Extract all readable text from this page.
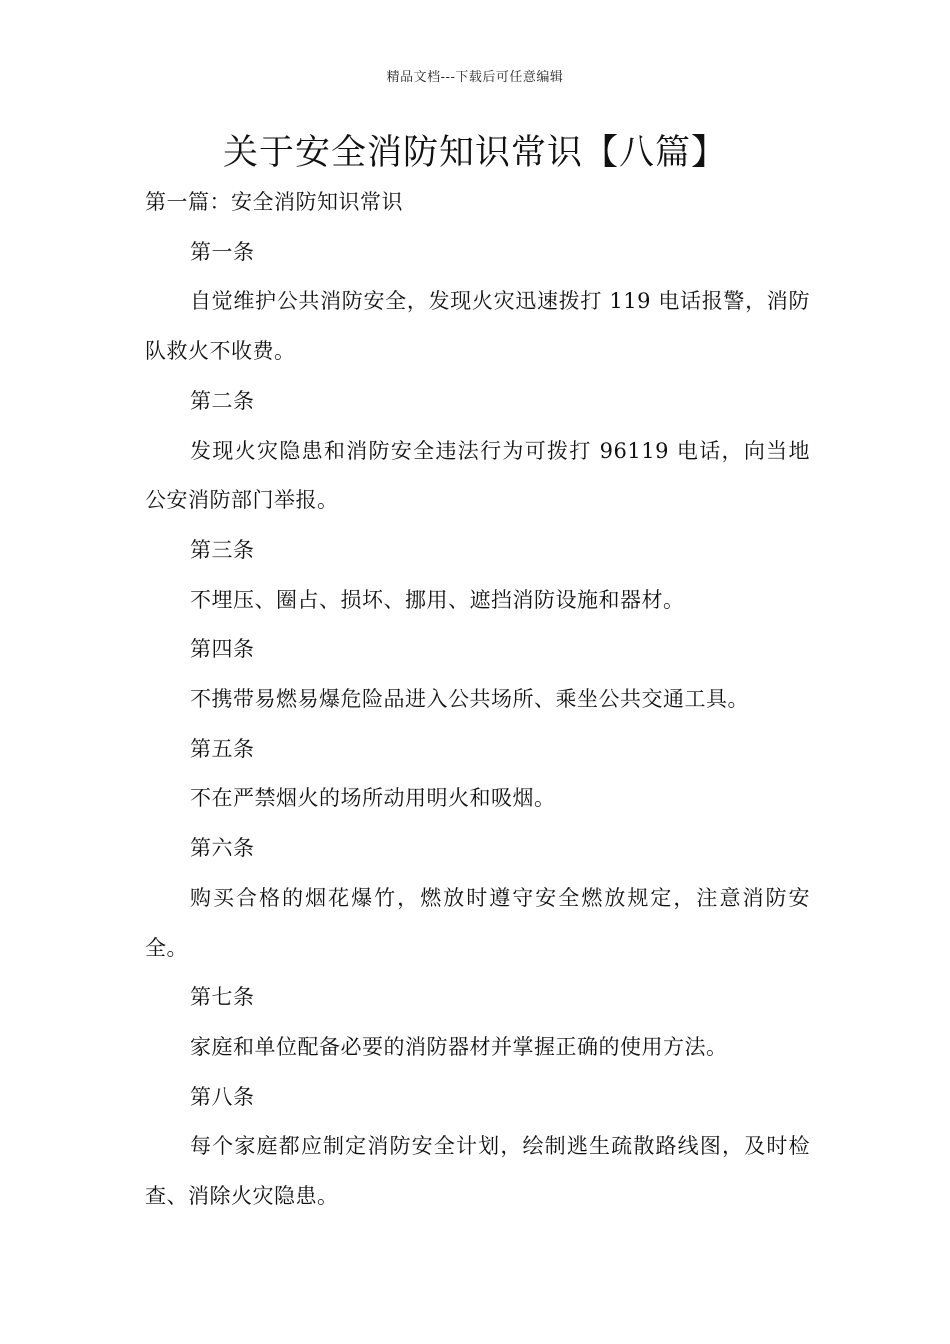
精品文档---下载后可任意编辑
关于安全消防知识常识【八篇】

第一篇：安全消防知识常识

第一条

自觉维护公共消防安全，发现火灾迅速拨打 119 电话报警，消防队救火不收费。

第二条

发现火灾隐患和消防安全违法行为可拨打 96119 电话，向当地公安消防部门举报。

第三条

不埋压、圈占、损坏、挪用、遮挡消防设施和器材。

第四条

不携带易燃易爆危险品进入公共场所、乘坐公共交通工具。

第五条

不在严禁烟火的场所动用明火和吸烟。

第六条

购买合格的烟花爆竹，燃放时遵守安全燃放规定，注意消防安全。

第七条

家庭和单位配备必要的消防器材并掌握正确的使用方法。

第八条

每个家庭都应制定消防安全计划，绘制逃生疏散路线图，及时检查、消除火灾隐患。
